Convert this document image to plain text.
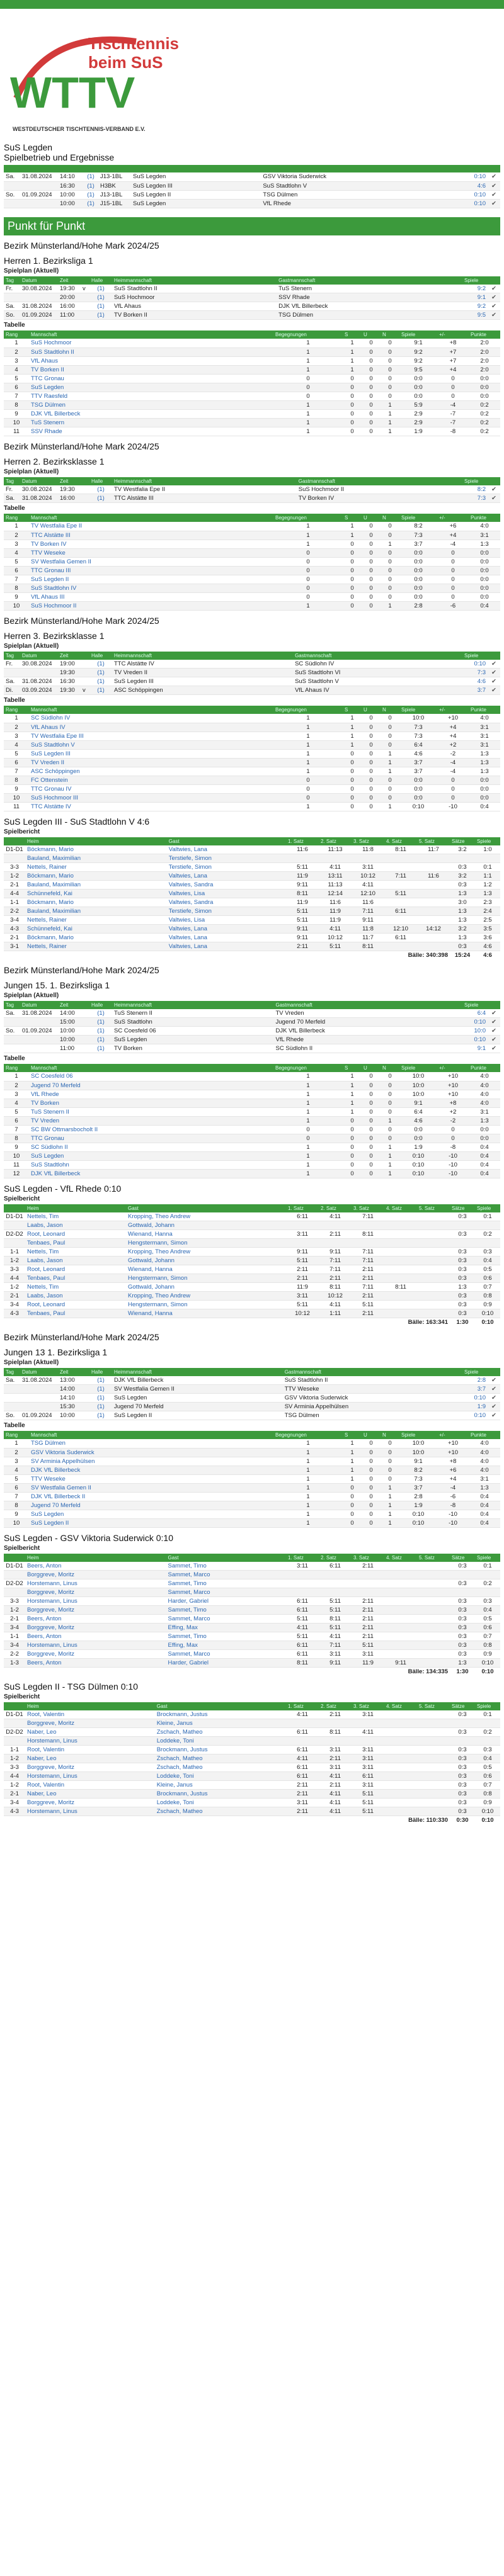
WTTV
Tischtennis
beim SuS
WESTDEUTSCHER TISCHTENNIS-VERBAND E.V.
SuS Legden
Spielbetrieb und Ergebnisse

Sa.	31.08.2024	14:10	(1)	J13-1BL	SuS Legden	GSV Viktoria Suderwick	0:10	✔
		16:30	(1)	H3BK	SuS Legden III	SuS Stadtlohn V	4:6	✔
So.	01.09.2024	10:00	(1)	J13-1BL	SuS Legden II	TSG Dülmen	0:10	✔
		10:00	(1)	J15-1BL	SuS Legden	VfL Rhede	0:10	✔
Punkt für Punkt
Bezirk Münsterland/Hohe Mark 2024/25
Herren 1. Bezirksliga 1
Spielplan (Aktuell)
Tag	Datum	Zeit		Halle	Heimmannschaft	Gastmannschaft	Spiele	
Fr.	30.08.2024	19:30	v	(1)	SuS Stadtlohn II	TuS Stenern	9:2	✔
		20:00		(1)	SuS Hochmoor	SSV Rhade	9:1	✔
Sa.	31.08.2024	16:00		(1)	VfL Ahaus	DJK VfL Billerbeck	9:2	✔
So.	01.09.2024	11:00		(1)	TV Borken II	TSG Dülmen	9:5	✔
Tabelle
Rang	Mannschaft	Begegnungen	S	U	N	Spiele	+/-	Punkte
1	SuS Hochmoor	1	1	0	0	9:1	+8	2:0
2	SuS Stadtlohn II	1	1	0	0	9:2	+7	2:0
3	VfL Ahaus	1	1	0	0	9:2	+7	2:0
4	TV Borken II	1	1	0	0	9:5	+4	2:0
5	TTC Gronau	0	0	0	0	0:0	0	0:0
6	SuS Legden	0	0	0	0	0:0	0	0:0
7	TTV Raesfeld	0	0	0	0	0:0	0	0:0
8	TSG Dülmen	1	0	0	1	5:9	-4	0:2
9	DJK VfL Billerbeck	1	0	0	1	2:9	-7	0:2
10	TuS Stenern	1	0	0	1	2:9	-7	0:2
11	SSV Rhade	1	0	0	1	1:9	-8	0:2
Bezirk Münsterland/Hohe Mark 2024/25
Herren 2. Bezirksklasse 1
Spielplan (Aktuell)
Tag	Datum	Zeit		Halle	Heimmannschaft	Gastmannschaft	Spiele	
Fr.	30.08.2024	19:30		(1)	TV Westfalia Epe II	SuS Hochmoor II	8:2	✔
Sa.	31.08.2024	16:00		(1)	TTC Alstätte III	TV Borken IV	7:3	✔
Tabelle
Rang	Mannschaft	Begegnungen	S	U	N	Spiele	+/-	Punkte
1	TV Westfalia Epe II	1	1	0	0	8:2	+6	4:0
2	TTC Alstätte III	1	1	0	0	7:3	+4	3:1
3	TV Borken IV	1	0	0	1	3:7	-4	1:3
4	TTV Weseke	0	0	0	0	0:0	0	0:0
5	SV Westfalia Gemen II	0	0	0	0	0:0	0	0:0
6	TTC Gronau III	0	0	0	0	0:0	0	0:0
7	SuS Legden II	0	0	0	0	0:0	0	0:0
8	SuS Stadtlohn IV	0	0	0	0	0:0	0	0:0
9	VfL Ahaus III	0	0	0	0	0:0	0	0:0
10	SuS Hochmoor II	1	0	0	1	2:8	-6	0:4
Bezirk Münsterland/Hohe Mark 2024/25
Herren 3. Bezirksklasse 1
Spielplan (Aktuell)
Tag	Datum	Zeit		Halle	Heimmannschaft	Gastmannschaft	Spiele	
Fr.	30.08.2024	19:00		(1)	TTC Alstätte IV	SC Südlohn IV	0:10	✔
		19:30		(1)	TV Vreden II	SuS Stadtlohn VI	7:3	✔
Sa.	31.08.2024	16:30		(1)	SuS Legden III	SuS Stadtlohn V	4:6	✔
Di.	03.09.2024	19:30	v	(1)	ASC Schöppingen	VfL Ahaus IV	3:7	✔
Tabelle
Rang	Mannschaft	Begegnungen	S	U	N	Spiele	+/-	Punkte
1	SC Südlohn IV	1	1	0	0	10:0	+10	4:0
2	VfL Ahaus IV	1	1	0	0	7:3	+4	3:1
3	TV Westfalia Epe III	1	1	0	0	7:3	+4	3:1
4	SuS Stadtlohn V	1	1	0	0	6:4	+2	3:1
5	SuS Legden III	1	0	0	1	4:6	-2	1:3
6	TV Vreden II	1	0	0	1	3:7	-4	1:3
7	ASC Schöppingen	1	0	0	1	3:7	-4	1:3
8	FC Ottenstein	0	0	0	0	0:0	0	0:0
9	TTC Gronau IV	0	0	0	0	0:0	0	0:0
10	SuS Hochmoor III	0	0	0	0	0:0	0	0:0
11	TTC Alstätte IV	1	0	0	1	0:10	-10	0:4
SuS Legden III - SuS Stadtlohn V 4:6
Spielbericht
	Heim	Gast	1. Satz	2. Satz	3. Satz	4. Satz	5. Satz	Sätze	Spiele
D1-D1	Böckmann, Mario	Valtwies, Lana	11:6	11:13	11:8	8:11	11:7	3:2	1:0
	Bauland, Maximilian	Terstiefe, Simon							
3-3	Nettels, Rainer	Terstiefe, Simon	5:11	4:11	3:11			0:3	0:1
1-2	Böckmann, Mario	Valtwies, Lana	11:9	13:11	10:12	7:11	11:6	3:2	1:1
2-1	Bauland, Maximilian	Valtwies, Sandra	9:11	11:13	4:11			0:3	1:2
4-4	Schünnefeld, Kai	Valtwies, Lisa	8:11	12:14	12:10	5:11		1:3	1:3
1-1	Böckmann, Mario	Valtwies, Sandra	11:9	11:6	11:6			3:0	2:3
2-2	Bauland, Maximilian	Terstiefe, Simon	5:11	11:9	7:11	6:11		1:3	2:4
3-4	Nettels, Rainer	Valtwies, Lisa	5:11	11:9	9:11			1:3	2:5
4-3	Schünnefeld, Kai	Valtwies, Lana	9:11	4:11	11:8	12:10	14:12	3:2	3:5
2-1	Böckmann, Mario	Valtwies, Lana	9:11	10:12	11:7	6:11		1:3	3:6
3-1	Nettels, Rainer	Valtwies, Lana	2:11	5:11	8:11			0:3	4:6
Bälle: 340:398								15:24	4:6
Bezirk Münsterland/Hohe Mark 2024/25
Jungen 15. 1. Bezirksliga 1
Spielplan (Aktuell)
Tag	Datum	Zeit		Halle	Heimmannschaft	Gastmannschaft	Spiele	
Sa.	31.08.2024	14:00		(1)	TuS Stenern II	TV Vreden	6:4	✔
		15:00		(1)	SuS Stadtlohn	Jugend 70 Merfeld	0:10	✔
So.	01.09.2024	10:00		(1)	SC Coesfeld 06	DJK VfL Billerbeck	10:0	✔
		10:00		(1)	SuS Legden	VfL Rhede	0:10	✔
		11:00		(1)	TV Borken	SC Südlohn II	9:1	✔
Tabelle
Rang	Mannschaft	Begegnungen	S	U	N	Spiele	+/-	Punkte
1	SC Coesfeld 06	1	1	0	0	10:0	+10	4:0
2	Jugend 70 Merfeld	1	1	0	0	10:0	+10	4:0
3	VfL Rhede	1	1	0	0	10:0	+10	4:0
4	TV Borken	1	1	0	0	9:1	+8	4:0
5	TuS Stenern II	1	1	0	0	6:4	+2	3:1
6	TV Vreden	1	0	0	1	4:6	-2	1:3
7	SC BW Ottmarsbocholt II	0	0	0	0	0:0	0	0:0
8	TTC Gronau	0	0	0	0	0:0	0	0:0
9	SC Südlohn II	1	0	0	1	1:9	-8	0:4
10	SuS Legden	1	0	0	1	0:10	-10	0:4
11	SuS Stadtlohn	1	0	0	1	0:10	-10	0:4
12	DJK VfL Billerbeck	1	0	0	1	0:10	-10	0:4
SuS Legden - VfL Rhede 0:10
Spielbericht
	Heim	Gast	1. Satz	2. Satz	3. Satz	4. Satz	5. Satz	Sätze	Spiele
D1-D1	Nettels, Tim	Kropping, Theo Andrew	6:11	4:11	7:11			0:3	0:1
	Laabs, Jason	Gottwald, Johann							
D2-D2	Root, Leonard	Wienand, Hanna	3:11	2:11	8:11			0:3	0:2
	Tenbaes, Paul	Hengstermann, Simon							
1-1	Nettels, Tim	Kropping, Theo Andrew	9:11	9:11	7:11			0:3	0:3
1-2	Laabs, Jason	Gottwald, Johann	5:11	7:11	7:11			0:3	0:4
3-3	Root, Leonard	Wienand, Hanna	2:11	7:11	2:11			0:3	0:5
4-4	Tenbaes, Paul	Hengstermann, Simon	2:11	2:11	2:11			0:3	0:6
1-2	Nettels, Tim	Gottwald, Johann	11:9	8:11	7:11	8:11		1:3	0:7
2-1	Laabs, Jason	Kropping, Theo Andrew	3:11	10:12	2:11			0:3	0:8
3-4	Root, Leonard	Hengstermann, Simon	5:11	4:11	5:11			0:3	0:9
4-3	Tenbaes, Paul	Wienand, Hanna	10:12	1:11	2:11			0:3	0:10
Bälle: 163:341								1:30	0:10
Bezirk Münsterland/Hohe Mark 2024/25
Jungen 13 1. Bezirksliga 1
Spielplan (Aktuell)
Tag	Datum	Zeit		Halle	Heimmannschaft	Gastmannschaft	Spiele	
Sa.	31.08.2024	13:00		(1)	DJK VfL Billerbeck	SuS Stadtlohn II	2:8	✔
		14:00		(1)	SV Westfalia Gemen II	TTV Weseke	3:7	✔
		14:10		(1)	SuS Legden	GSV Viktoria Suderwick	0:10	✔
		15:30		(1)	Jugend 70 Merfeld	SV Arminia Appelhülsen	1:9	✔
So.	01.09.2024	10:00		(1)	SuS Legden II	TSG Dülmen	0:10	✔
Tabelle
Rang	Mannschaft	Begegnungen	S	U	N	Spiele	+/-	Punkte
1	TSG Dülmen	1	1	0	0	10:0	+10	4:0
2	GSV Viktoria Suderwick	1	1	0	0	10:0	+10	4:0
3	SV Arminia Appelhülsen	1	1	0	0	9:1	+8	4:0
4	DJK VfL Billerbeck	1	1	0	0	8:2	+6	4:0
5	TTV Weseke	1	1	0	0	7:3	+4	3:1
6	SV Westfalia Gemen II	1	0	0	1	3:7	-4	1:3
7	DJK VfL Billerbeck II	1	0	0	1	2:8	-6	0:4
8	Jugend 70 Merfeld	1	0	0	1	1:9	-8	0:4
9	SuS Legden	1	0	0	1	0:10	-10	0:4
10	SuS Legden II	1	0	0	1	0:10	-10	0:4
SuS Legden - GSV Viktoria Suderwick 0:10
Spielbericht
	Heim	Gast	1. Satz	2. Satz	3. Satz	4. Satz	5. Satz	Sätze	Spiele
D1-D1	Beers, Anton	Sammet, Timo	3:11	6:11	2:11			0:3	0:1
	Borggreve, Moritz	Sammet, Marco							
D2-D2	Horstemann, Linus	Sammet, Timo						0:3	0:2
	Borggreve, Moritz	Sammet, Marco							
3-3	Horstemann, Linus	Harder, Gabriel	6:11	5:11	2:11			0:3	0:3
1-2	Borggreve, Moritz	Sammet, Timo	6:11	5:11	2:11			0:3	0:4
2-1	Beers, Anton	Sammet, Marco	5:11	8:11	2:11			0:3	0:5
3-4	Borggreve, Moritz	Effing, Max	4:11	5:11	2:11			0:3	0:6
1-1	Beers, Anton	Sammet, Timo	5:11	4:11	2:11			0:3	0:7
3-4	Horstemann, Linus	Effing, Max	6:11	7:11	5:11			0:3	0:8
2-2	Borggreve, Moritz	Sammet, Marco	6:11	3:11	3:11			0:3	0:9
1-3	Beers, Anton	Harder, Gabriel	8:11	9:11	11:9	9:11		1:3	0:10
Bälle: 134:335								1:30	0:10
SuS Legden II - TSG Dülmen 0:10
Spielbericht
	Heim	Gast	1. Satz	2. Satz	3. Satz	4. Satz	5. Satz	Sätze	Spiele
D1-D1	Root, Valentin	Brockmann, Justus	4:11	2:11	3:11			0:3	0:1
	Borggreve, Moritz	Kleine, Janus							
D2-D2	Naber, Leo	Zschach, Matheo	6:11	8:11	4:11			0:3	0:2
	Horstemann, Linus	Loddeke, Toni							
1-1	Root, Valentin	Brockmann, Justus	6:11	3:11	3:11			0:3	0:3
1-2	Naber, Leo	Zschach, Matheo	4:11	2:11	3:11			0:3	0:4
3-3	Borggreve, Moritz	Zschach, Matheo	6:11	3:11	3:11			0:3	0:5
4-4	Horstemann, Linus	Loddeke, Toni	6:11	4:11	6:11			0:3	0:6
1-2	Root, Valentin	Kleine, Janus	2:11	2:11	3:11			0:3	0:7
2-1	Naber, Leo	Brockmann, Justus	2:11	4:11	5:11			0:3	0:8
3-4	Borggreve, Moritz	Loddeke, Toni	3:11	4:11	5:11			0:3	0:9
4-3	Horstemann, Linus	Zschach, Matheo	2:11	4:11	5:11			0:3	0:10
Bälle: 110:330								0:30	0:10
